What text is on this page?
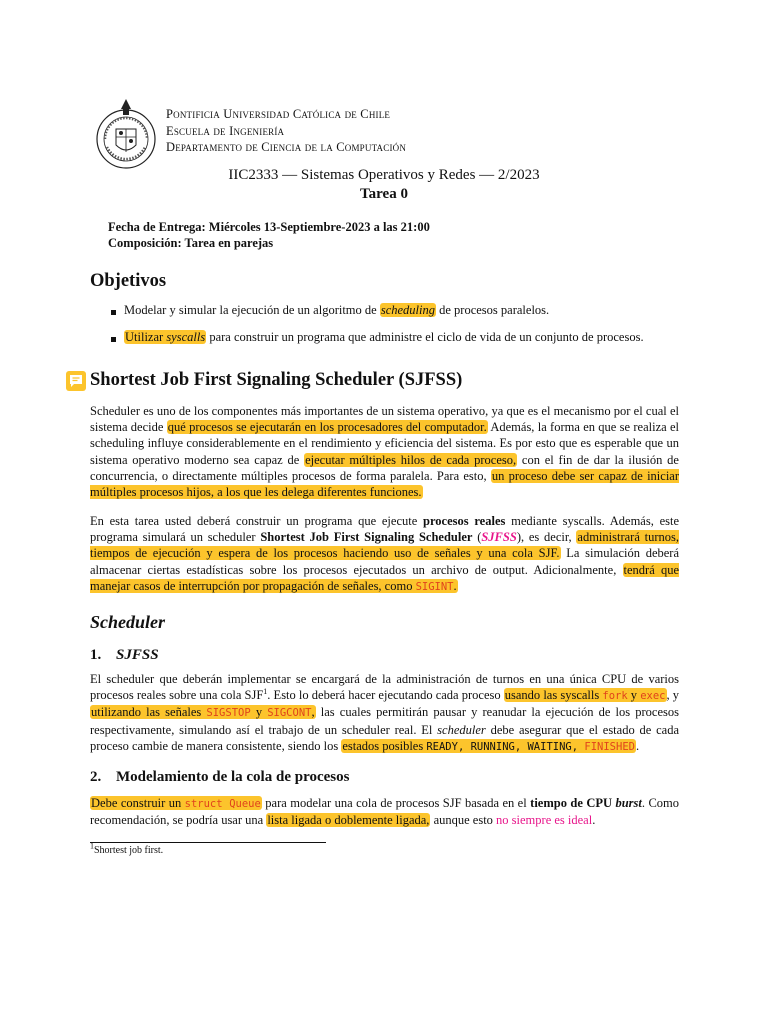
Pontificia Universidad Católica de Chile
Escuela de Ingeniería
Departamento de Ciencia de la Computación
IIC2333 — Sistemas Operativos y Redes — 2/2023
Tarea 0
Fecha de Entrega: Miércoles 13-Septiembre-2023 a las 21:00
Composición: Tarea en parejas
Objetivos
Modelar y simular la ejecución de un algoritmo de scheduling de procesos paralelos.
Utilizar syscalls para construir un programa que administre el ciclo de vida de un conjunto de procesos.
Shortest Job First Signaling Scheduler (SJFSS)
Scheduler es uno de los componentes más importantes de un sistema operativo, ya que es el mecanismo por el cual el sistema decide qué procesos se ejecutarán en los procesadores del computador. Además, la forma en que se realiza el scheduling influye considerablemente en el rendimiento y eficiencia del sistema. Es por esto que es esperable que un sistema operativo moderno sea capaz de ejecutar múltiples hilos de cada proceso, con el fin de dar la ilusión de concurrencia, o directamente múltiples procesos de forma paralela. Para esto, un proceso debe ser capaz de iniciar múltiples procesos hijos, a los que les delega diferentes funciones.
En esta tarea usted deberá construir un programa que ejecute procesos reales mediante syscalls. Además, este programa simulará un scheduler Shortest Job First Signaling Scheduler (SJFSS), es decir, administrará turnos, tiempos de ejecución y espera de los procesos haciendo uso de señales y una cola SJF. La simulación deberá almacenar ciertas estadísticas sobre los procesos ejecutados un archivo de output. Adicionalmente, tendrá que manejar casos de interrupción por propagación de señales, como SIGINT.
Scheduler
1. SJFSS
El scheduler que deberán implementar se encargará de la administración de turnos en una única CPU de varios procesos reales sobre una cola SJF$^1$. Esto lo deberá hacer ejecutando cada proceso usando las syscalls fork y exec, y utilizando las señales SIGSTOP y SIGCONT, las cuales permitirán pausar y reanudar la ejecución de los procesos respectivamente, simulando así el trabajo de un scheduler real. El scheduler debe asegurar que el estado de cada proceso cambie de manera consistente, siendo los estados posibles READY, RUNNING, WAITING, FINISHED.
2. Modelamiento de la cola de procesos
Debe construir un struct Queue para modelar una cola de procesos SJF basada en el tiempo de CPU burst. Como recomendación, se podría usar una lista ligada o doblemente ligada, aunque esto no siempre es ideal.
$^1$Shortest job first.
